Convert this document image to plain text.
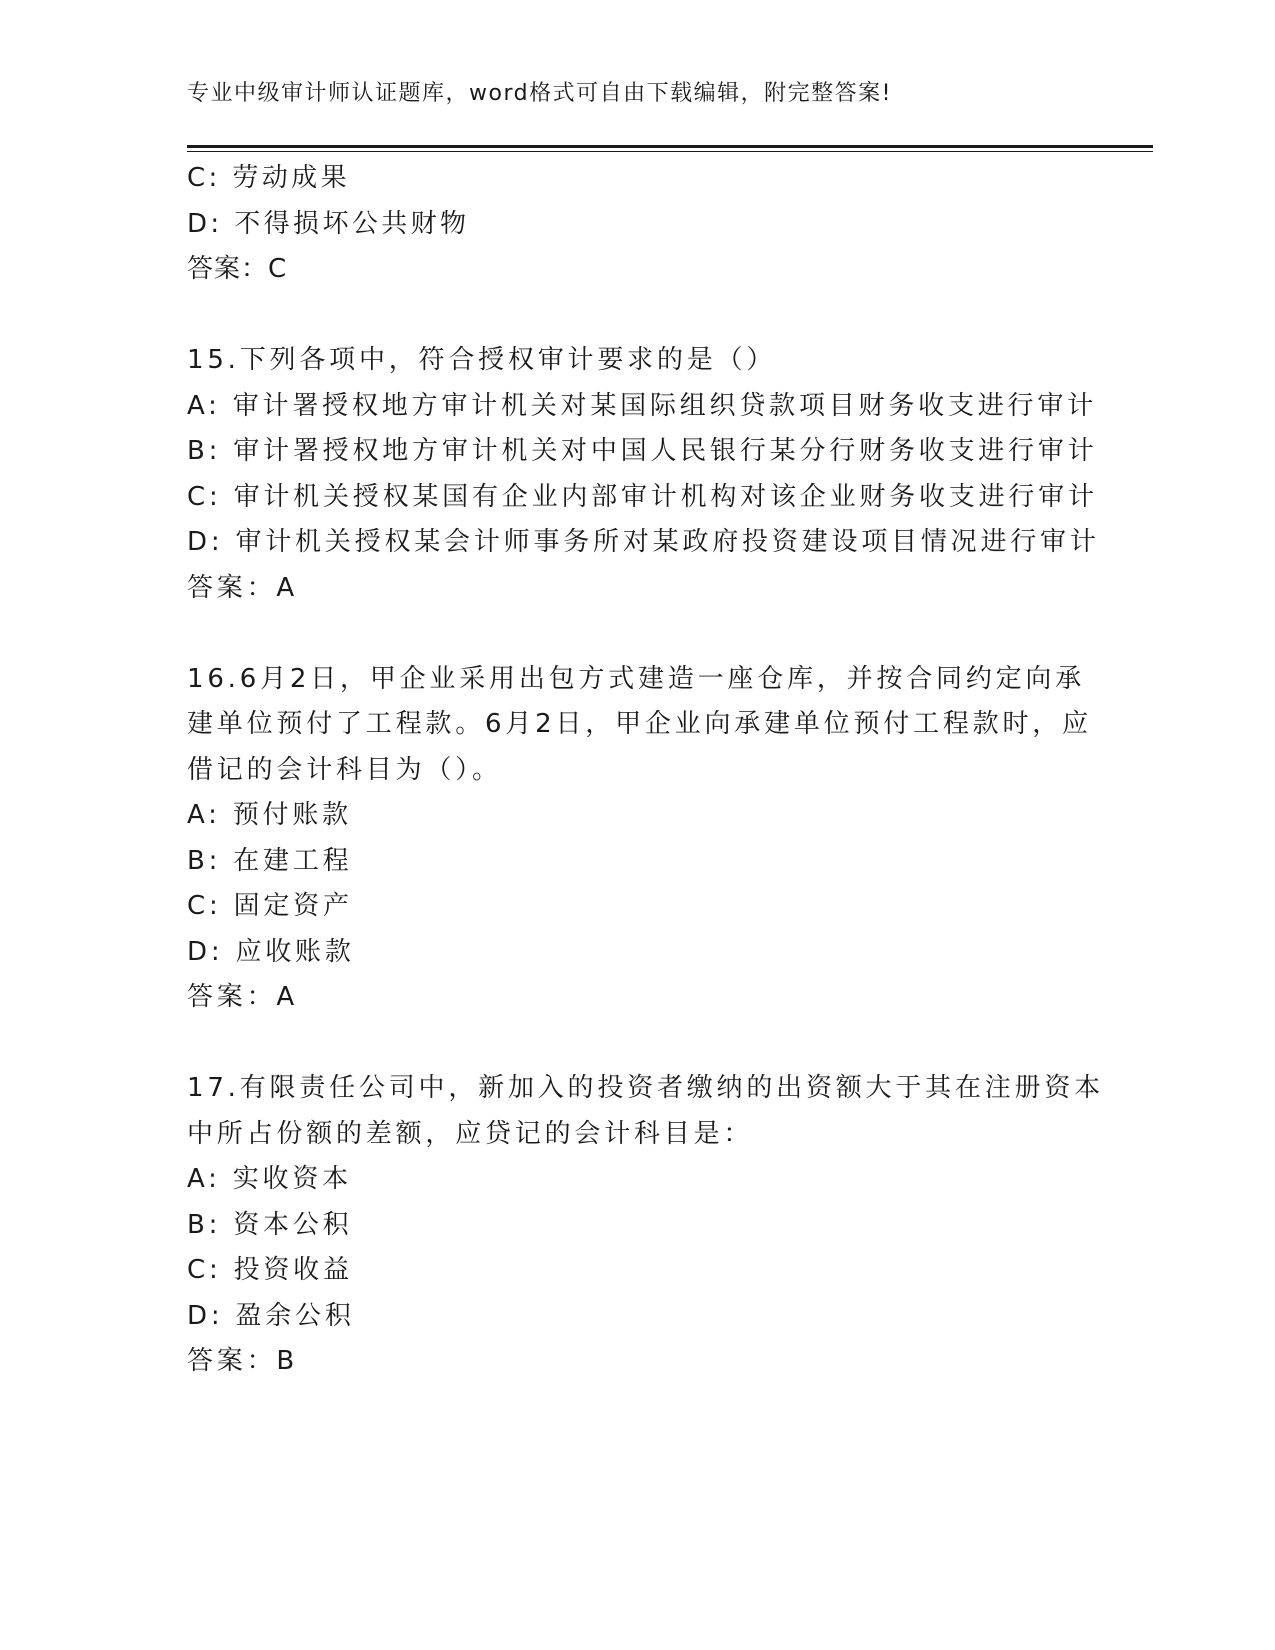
专业中级审计师认证题库，word格式可自由下载编辑，附完整答案!
C: 劳动成果
D: 不得损坏公共财物
答案：C
15.下列各项中，符合授权审计要求的是（）
A: 审计署授权地方审计机关对某国际组织贷款项目财务收支进行审计
B: 审计署授权地方审计机关对中国人民银行某分行财务收支进行审计
C: 审计机关授权某国有企业内部审计机构对该企业财务收支进行审计
D: 审计机关授权某会计师事务所对某政府投资建设项目情况进行审计
答案：A
16.6月2日，甲企业采用出包方式建造一座仓库，并按合同约定向承
建单位预付了工程款。6月2日，甲企业向承建单位预付工程款时，应
借记的会计科目为（）。
A: 预付账款
B: 在建工程
C: 固定资产
D: 应收账款
答案：A
17.有限责任公司中，新加入的投资者缴纳的出资额大于其在注册资本
中所占份额的差额，应贷记的会计科目是：
A: 实收资本
B: 资本公积
C: 投资收益
D: 盈余公积
答案：B
